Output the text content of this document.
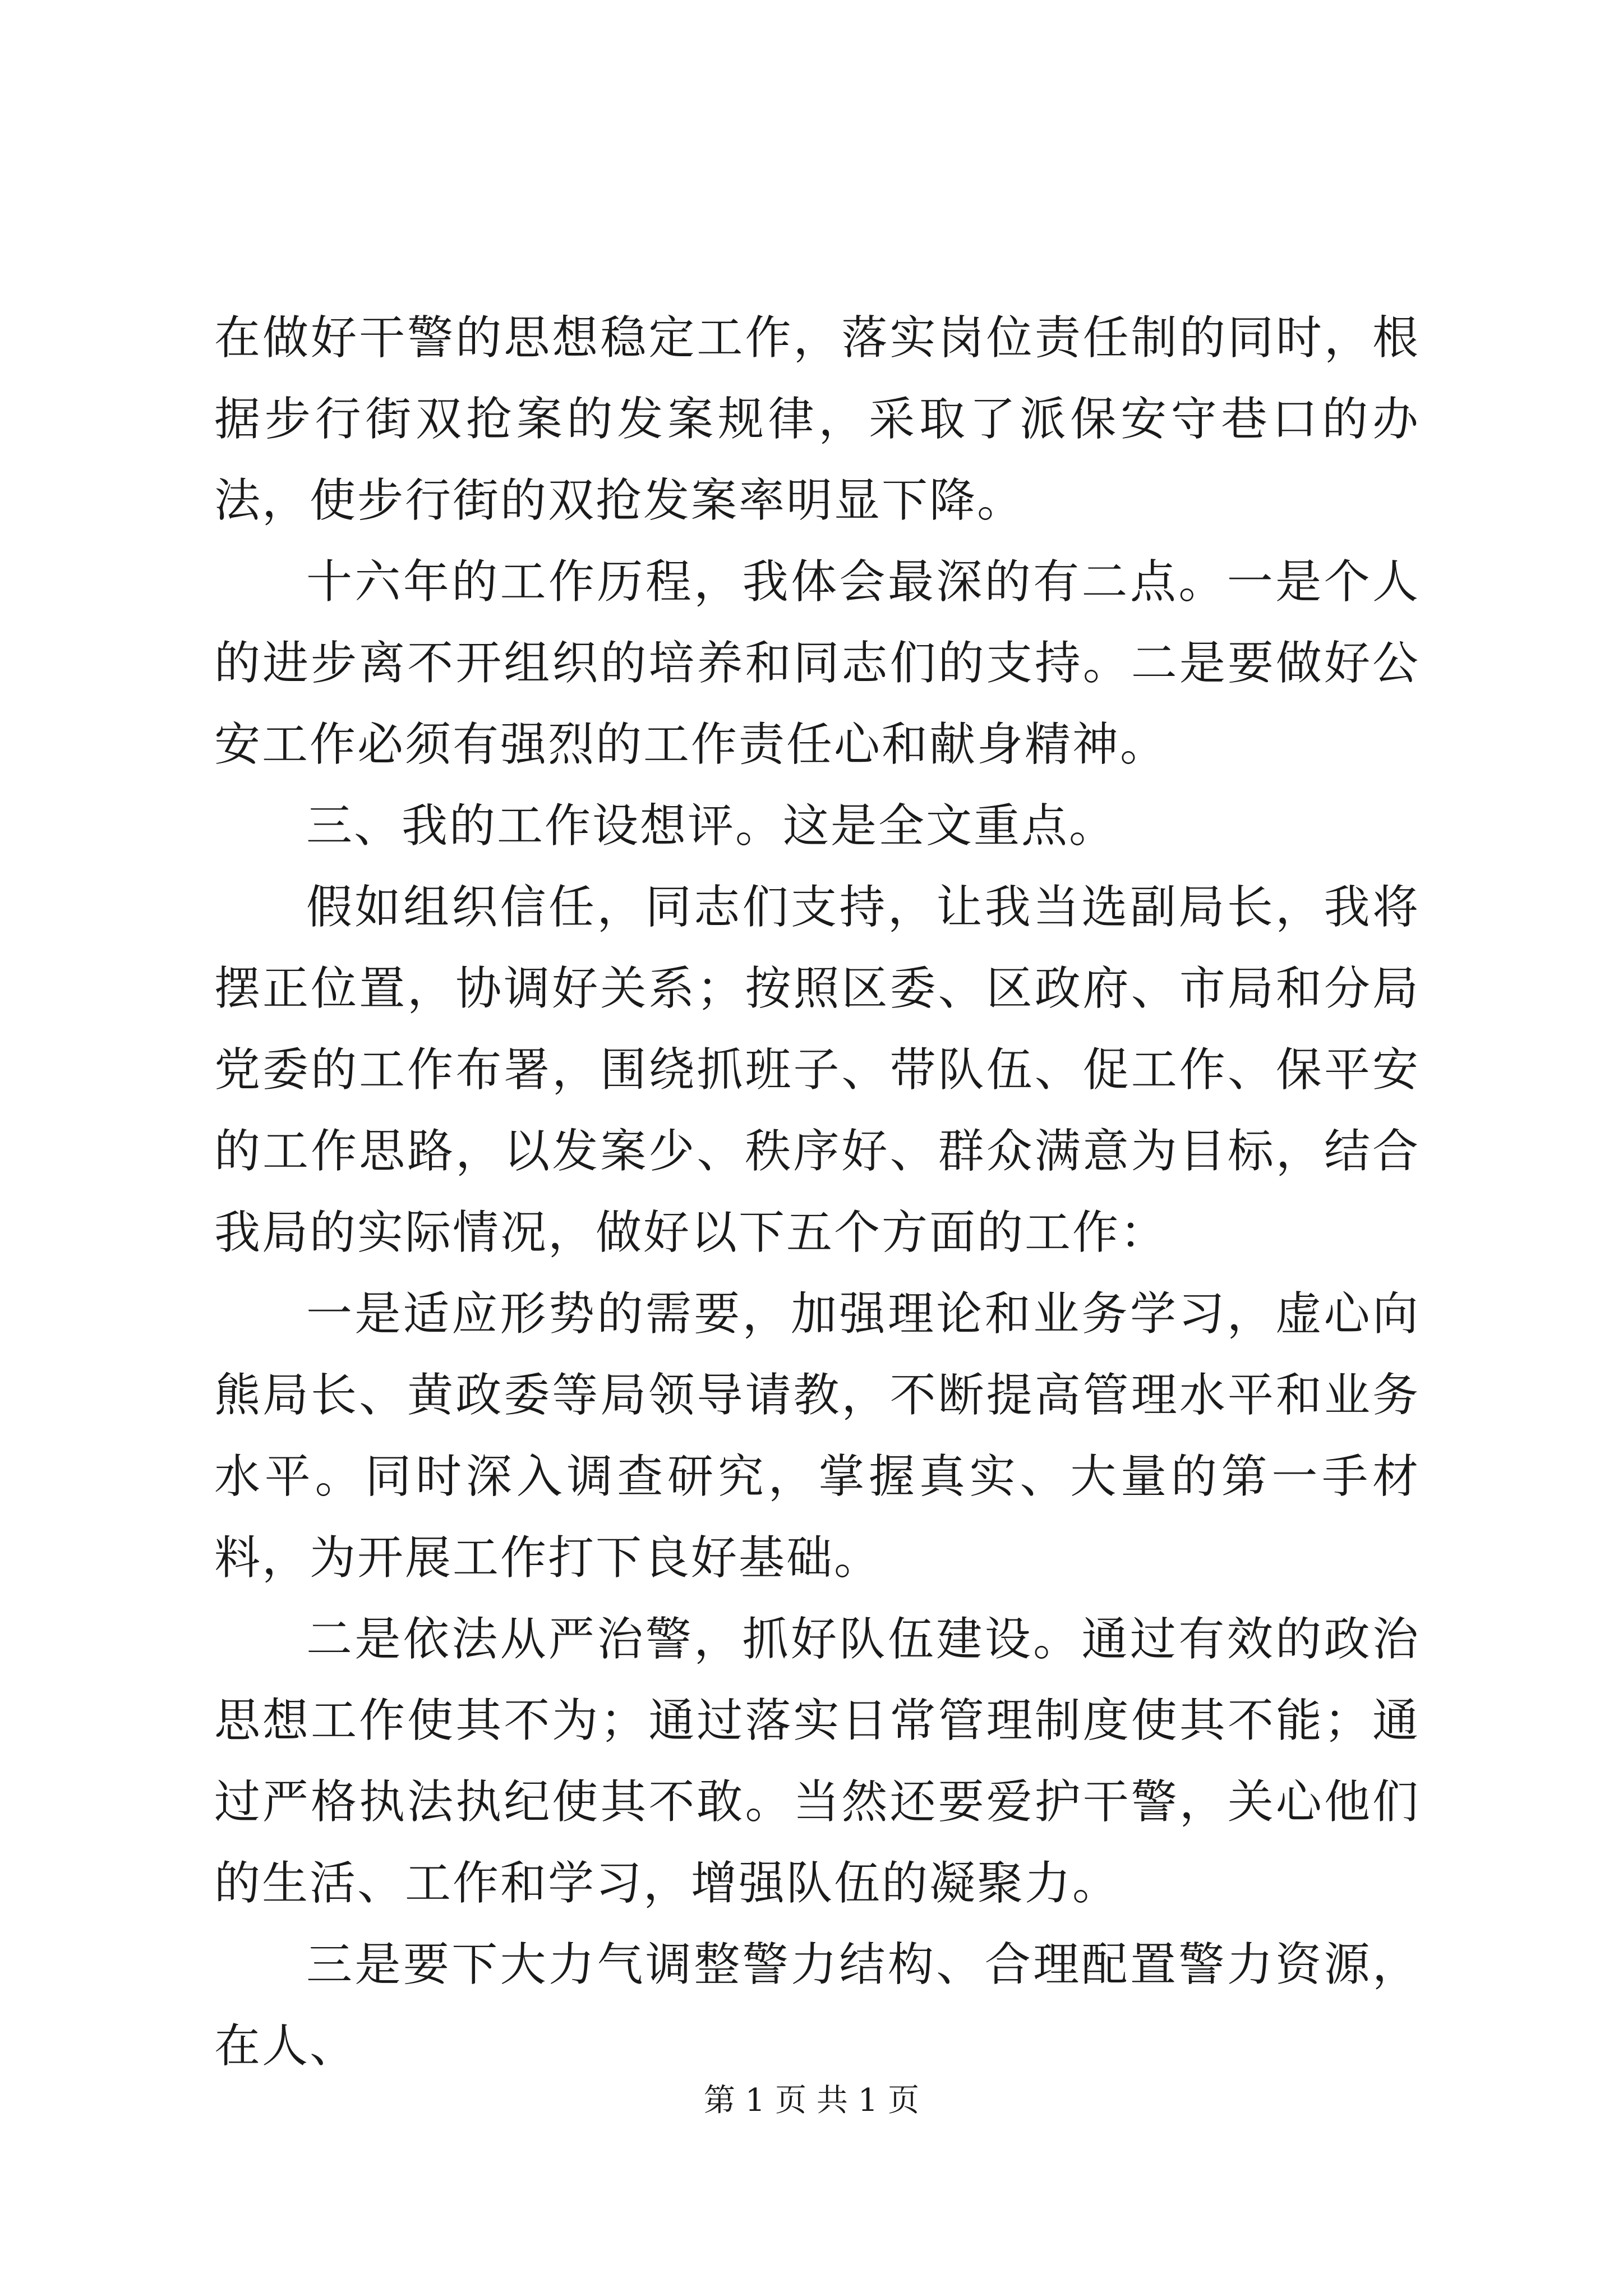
在做好干警的思想稳定工作，落实岗位责任制的同时，根据步行街双抢案的发案规律，采取了派保安守巷口的办法，使步行街的双抢发案率明显下降。

十六年的工作历程，我体会最深的有二点。一是个人的进步离不开组织的培养和同志们的支持。二是要做好公安工作必须有强烈的工作责任心和献身精神。

三、我的工作设想评。这是全文重点。

假如组织信任，同志们支持，让我当选副局长，我将摆正位置，协调好关系；按照区委、区政府、市局和分局党委的工作布署，围绕抓班子、带队伍、促工作、保平安的工作思路，以发案少、秩序好、群众满意为目标，结合我局的实际情况，做好以下五个方面的工作：

一是适应形势的需要，加强理论和业务学习，虚心向熊局长、黄政委等局领导请教，不断提高管理水平和业务水平。同时深入调查研究，掌握真实、大量的第一手材料，为开展工作打下良好基础。

二是依法从严治警，抓好队伍建设。通过有效的政治思想工作使其不为；通过落实日常管理制度使其不能；通过严格执法执纪使其不敢。当然还要爱护干警，关心他们的生活、工作和学习，增强队伍的凝聚力。

三是要下大力气调整警力结构、合理配置警力资源，在人、

第 1 页 共 1 页
